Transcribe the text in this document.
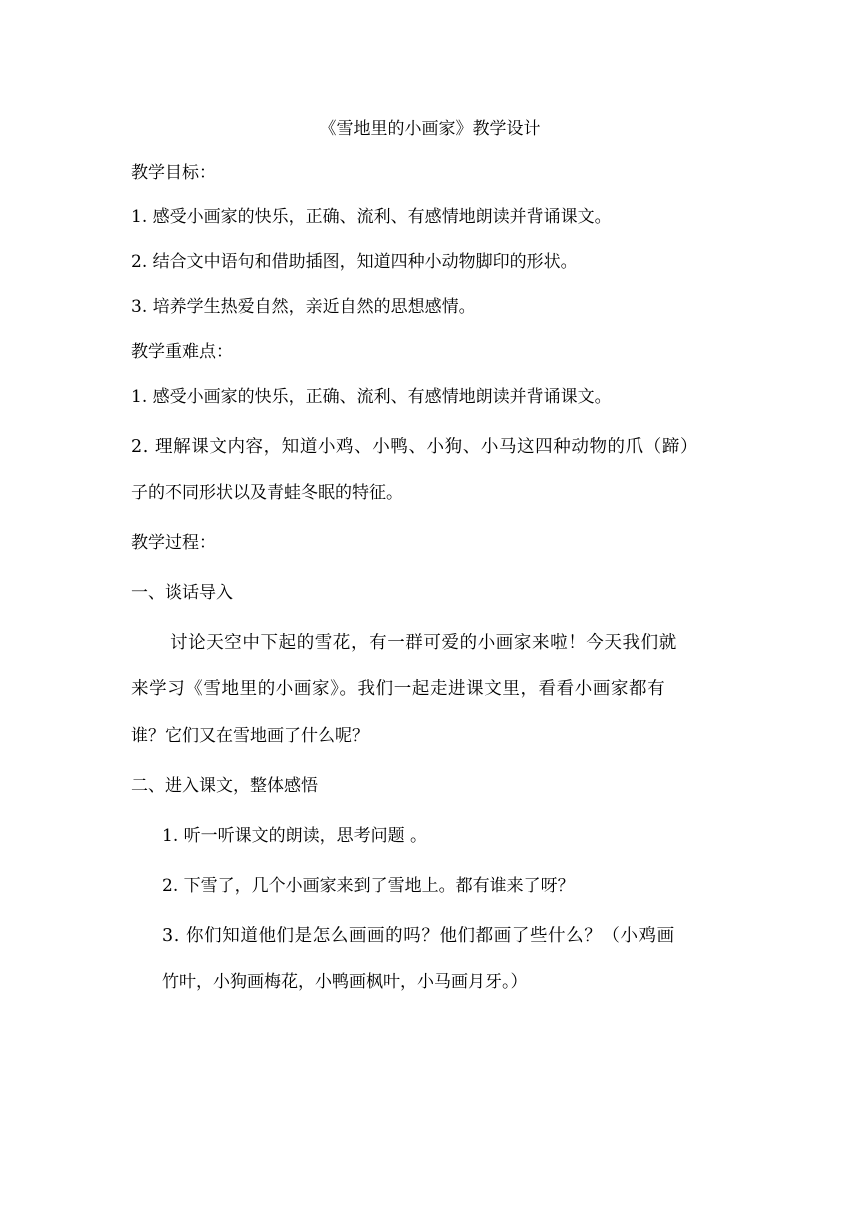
《雪地里的小画家》教学设计
教学目标：
1. 感受小画家的快乐，正确、流利、有感情地朗读并背诵课文。
2. 结合文中语句和借助插图，知道四种小动物脚印的形状。
3. 培养学生热爱自然，亲近自然的思想感情。
教学重难点：
1. 感受小画家的快乐，正确、流利、有感情地朗读并背诵课文。
2. 理解课文内容，知道小鸡、小鸭、小狗、小马这四种动物的爪（蹄）
子的不同形状以及青蛙冬眠的特征。
教学过程：
一、谈话导入
讨论天空中下起的雪花，有一群可爱的小画家来啦！今天我们就
来学习《雪地里的小画家》。我们一起走进课文里，看看小画家都有
谁？它们又在雪地画了什么呢？
二、进入课文，整体感悟
1. 听一听课文的朗读，思考问题 。
2. 下雪了，几个小画家来到了雪地上。都有谁来了呀？
3. 你们知道他们是怎么画画的吗？他们都画了些什么？（小鸡画
竹叶，小狗画梅花，小鸭画枫叶，小马画月牙。）
